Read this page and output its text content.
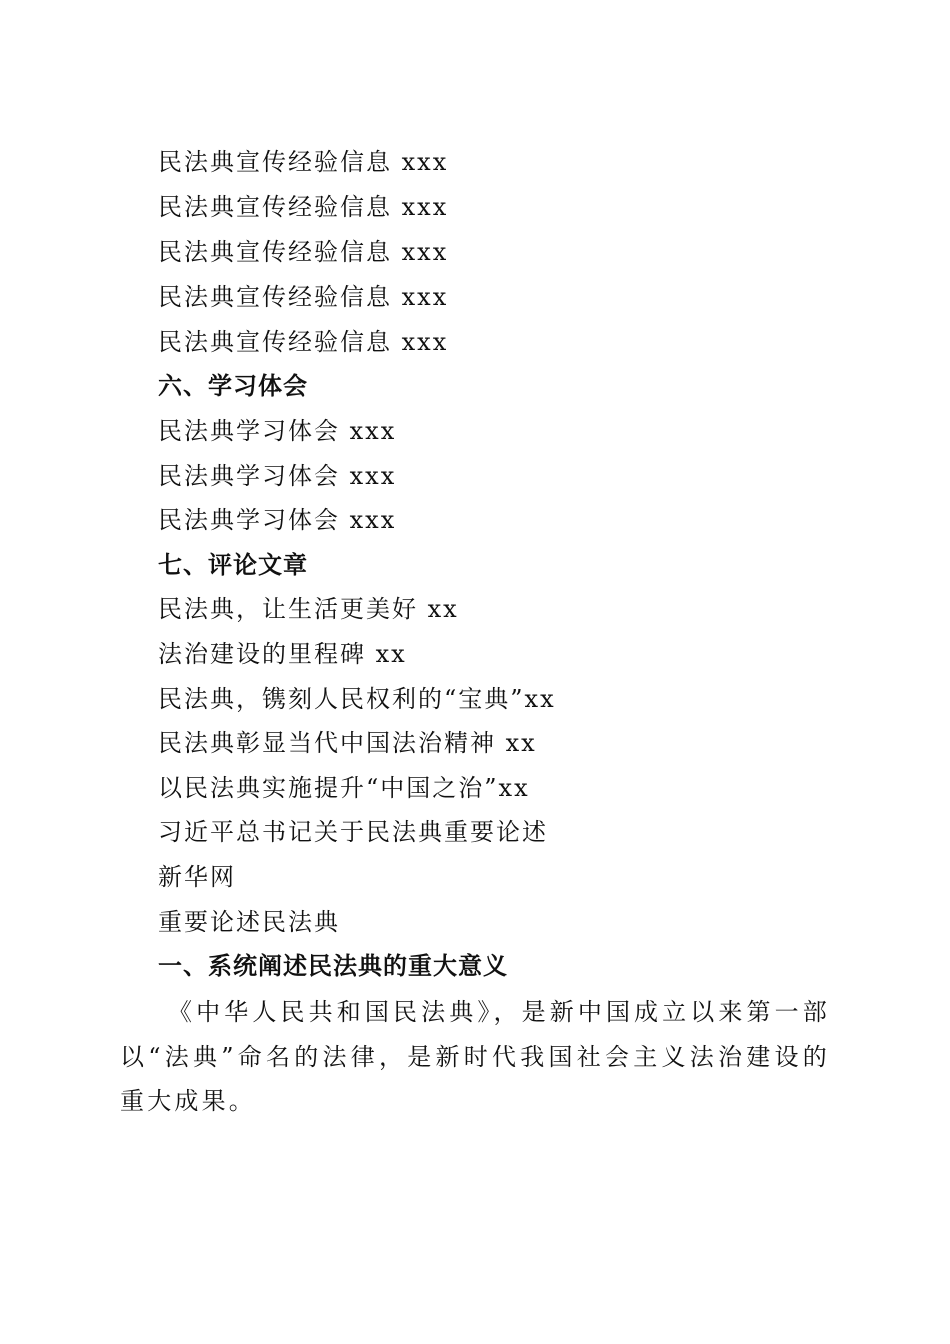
民法典宣传经验信息 xxx
民法典宣传经验信息 xxx
民法典宣传经验信息 xxx
民法典宣传经验信息 xxx
民法典宣传经验信息 xxx
六、学习体会
民法典学习体会 xxx
民法典学习体会 xxx
民法典学习体会 xxx
七、评论文章
民法典，让生活更美好 xx
法治建设的里程碑 xx
民法典，镌刻人民权利的“宝典”xx
民法典彰显当代中国法治精神 xx
以民法典实施提升“中国之治”xx
习近平总书记关于民法典重要论述
新华网
重要论述民法典
一、系统阐述民法典的重大意义

《中华人民共和国民法典》，是新中国成立以来第一部以“法典”命名的法律，是新时代我国社会主义法治建设的重大成果。
